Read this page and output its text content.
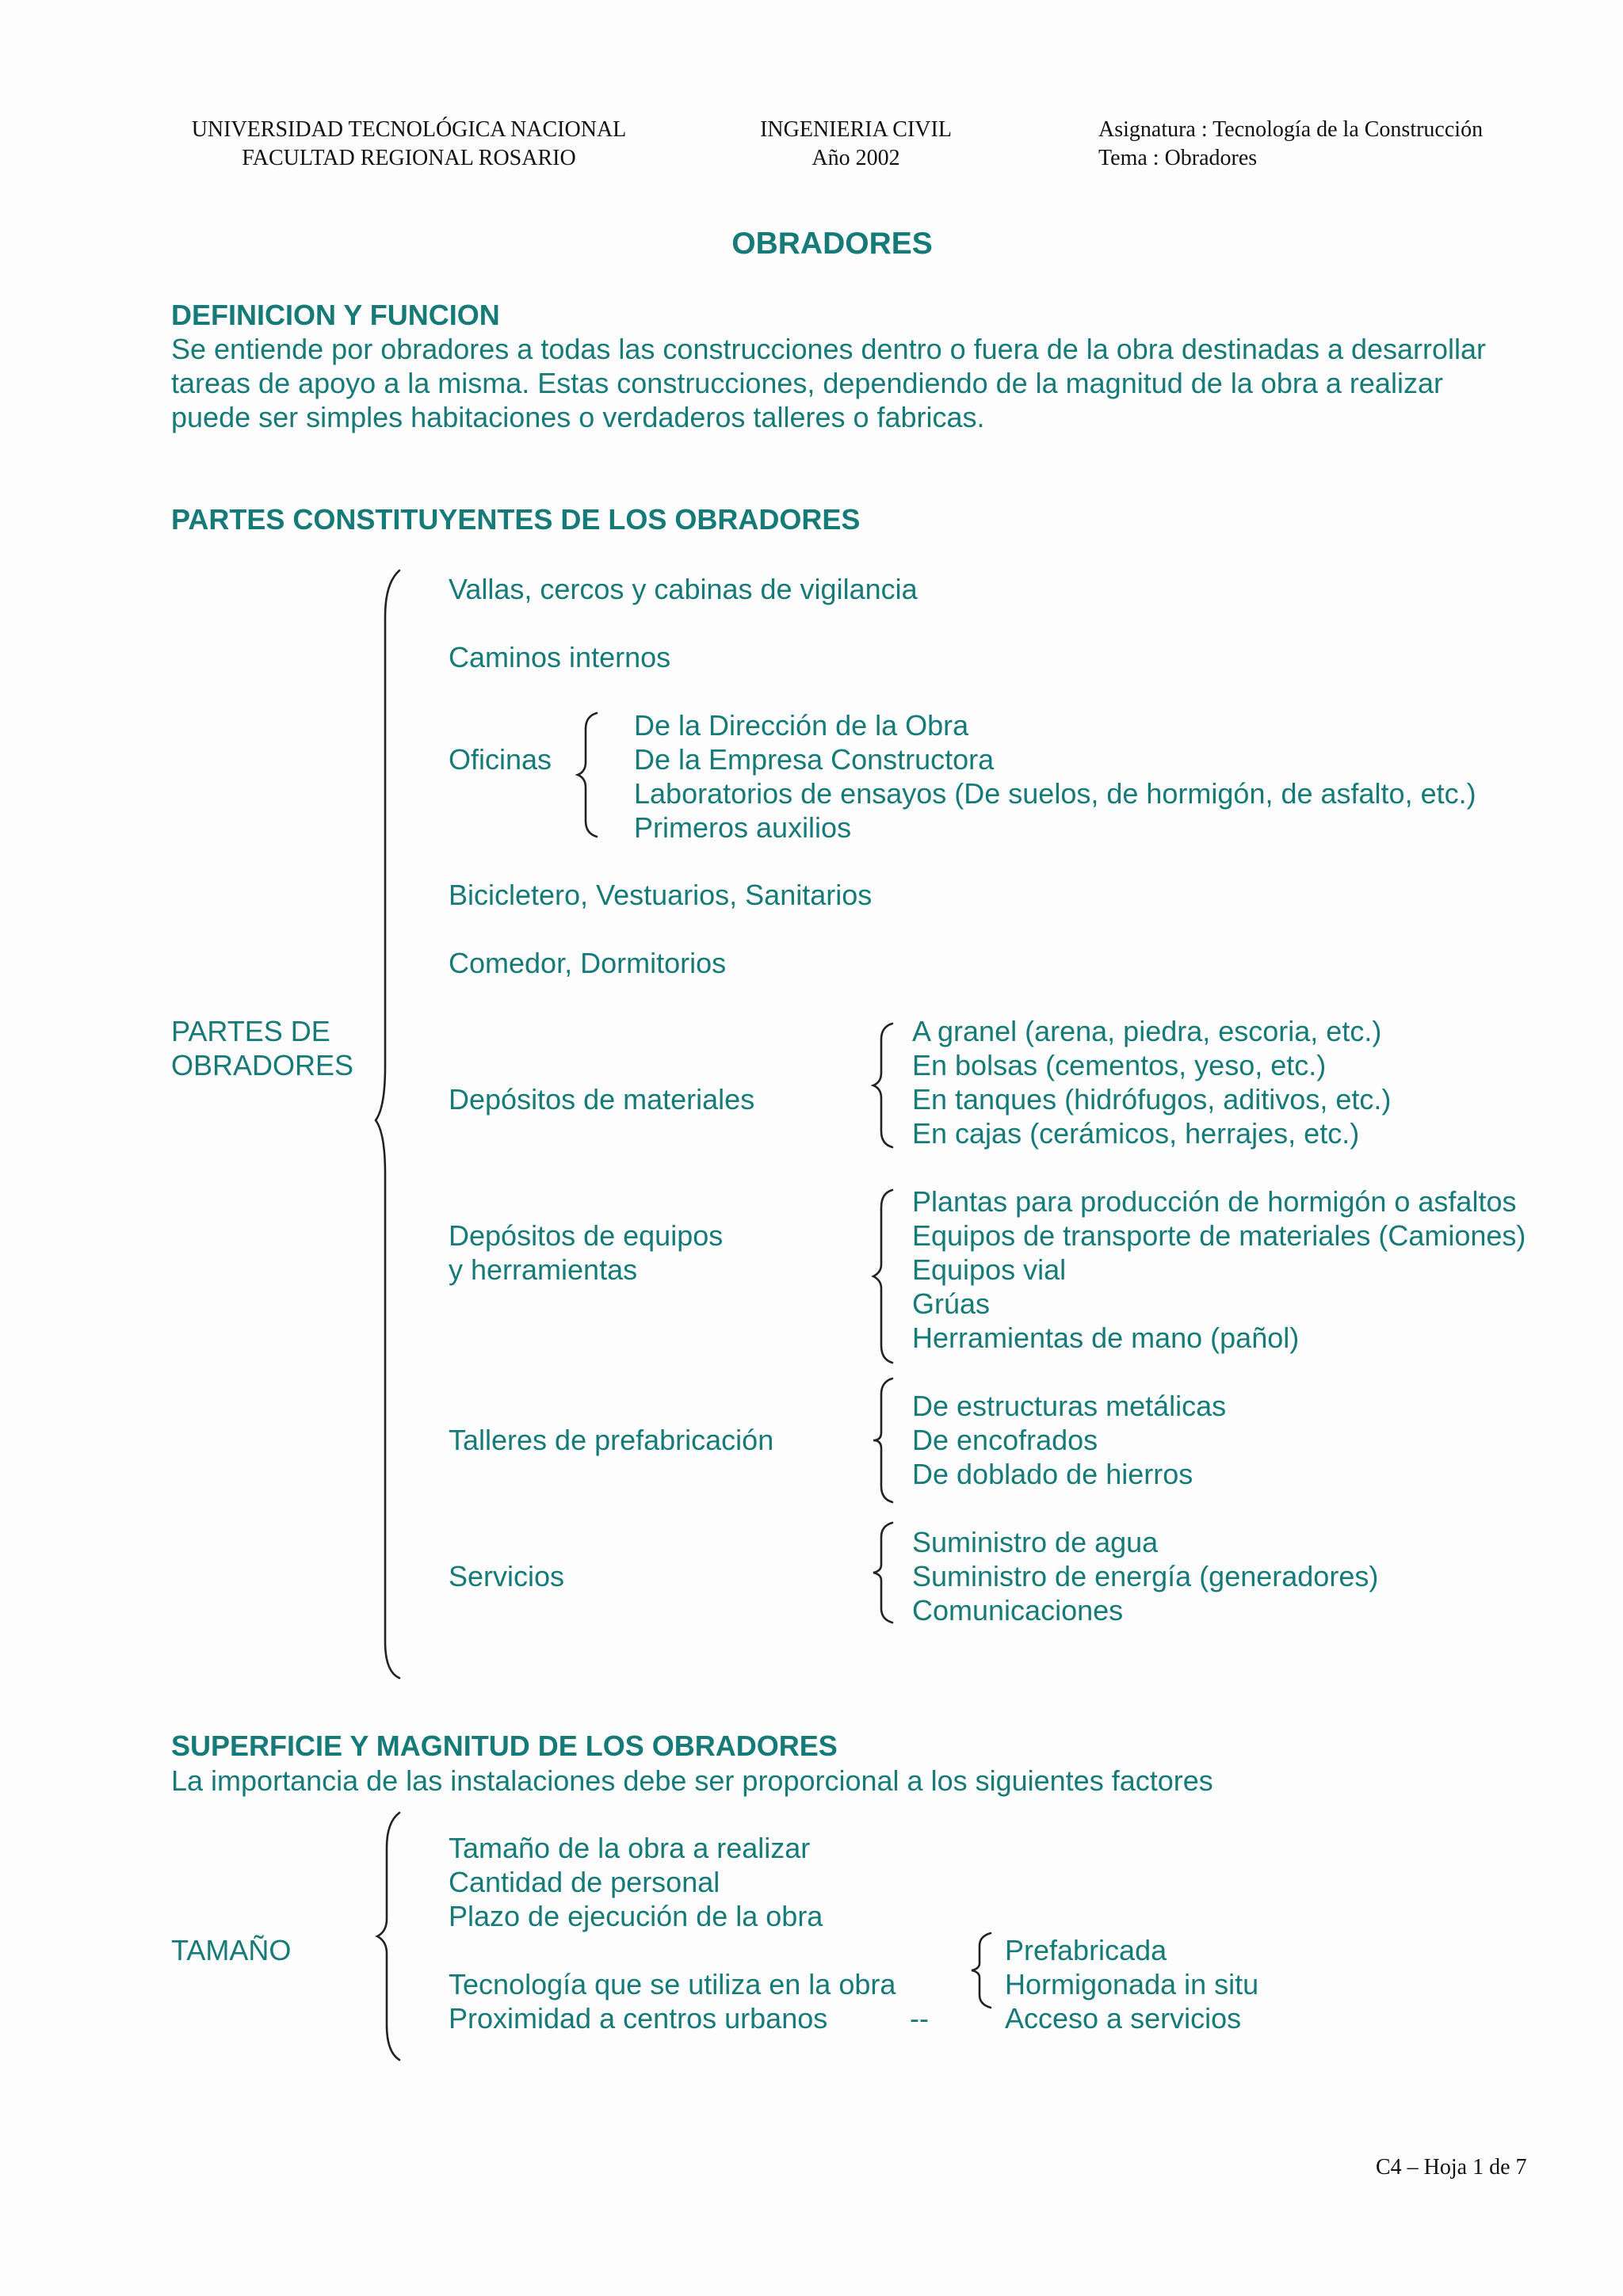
UNIVERSIDAD TECNOLÓGICA NACIONAL
FACULTAD REGIONAL ROSARIO
INGENIERIA CIVIL
Año 2002
Asignatura : Tecnología de la Construcción
Tema : Obradores
OBRADORES
DEFINICION Y FUNCION
Se entiende por obradores a todas las construcciones dentro o fuera de la obra destinadas a desarrollar
tareas de apoyo a la misma. Estas construcciones, dependiendo de la magnitud de la obra a realizar
puede ser simples habitaciones o verdaderos talleres o fabricas.
PARTES CONSTITUYENTES DE LOS OBRADORES
PARTES DE
OBRADORES
Vallas, cercos y cabinas de vigilancia
Caminos internos
Oficinas
De la Dirección de la Obra
De la Empresa Constructora
Laboratorios de ensayos (De suelos, de hormigón, de asfalto, etc.)
Primeros auxilios
Bicicletero, Vestuarios, Sanitarios
Comedor, Dormitorios
Depósitos de materiales
A granel (arena, piedra, escoria, etc.)
En bolsas (cementos, yeso, etc.)
En tanques (hidrófugos, aditivos, etc.)
En cajas (cerámicos, herrajes, etc.)
Depósitos de equipos
y herramientas
Plantas para producción de hormigón o asfaltos
Equipos de transporte de materiales (Camiones)
Equipos vial
Grúas
Herramientas de mano (pañol)
Talleres de prefabricación
De estructuras metálicas
De encofrados
De doblado de hierros
Servicios
Suministro de agua
Suministro de energía (generadores)
Comunicaciones
SUPERFICIE Y MAGNITUD DE LOS OBRADORES
La importancia de las instalaciones debe ser proporcional a los siguientes factores
TAMAÑO
Tamaño de la obra a realizar
Cantidad de personal
Plazo de ejecución de la obra
Tecnología que se utiliza en la obra
Proximidad a centros urbanos	--
Prefabricada
Hormigonada in situ
Acceso a servicios
C4 – Hoja 1 de 7
